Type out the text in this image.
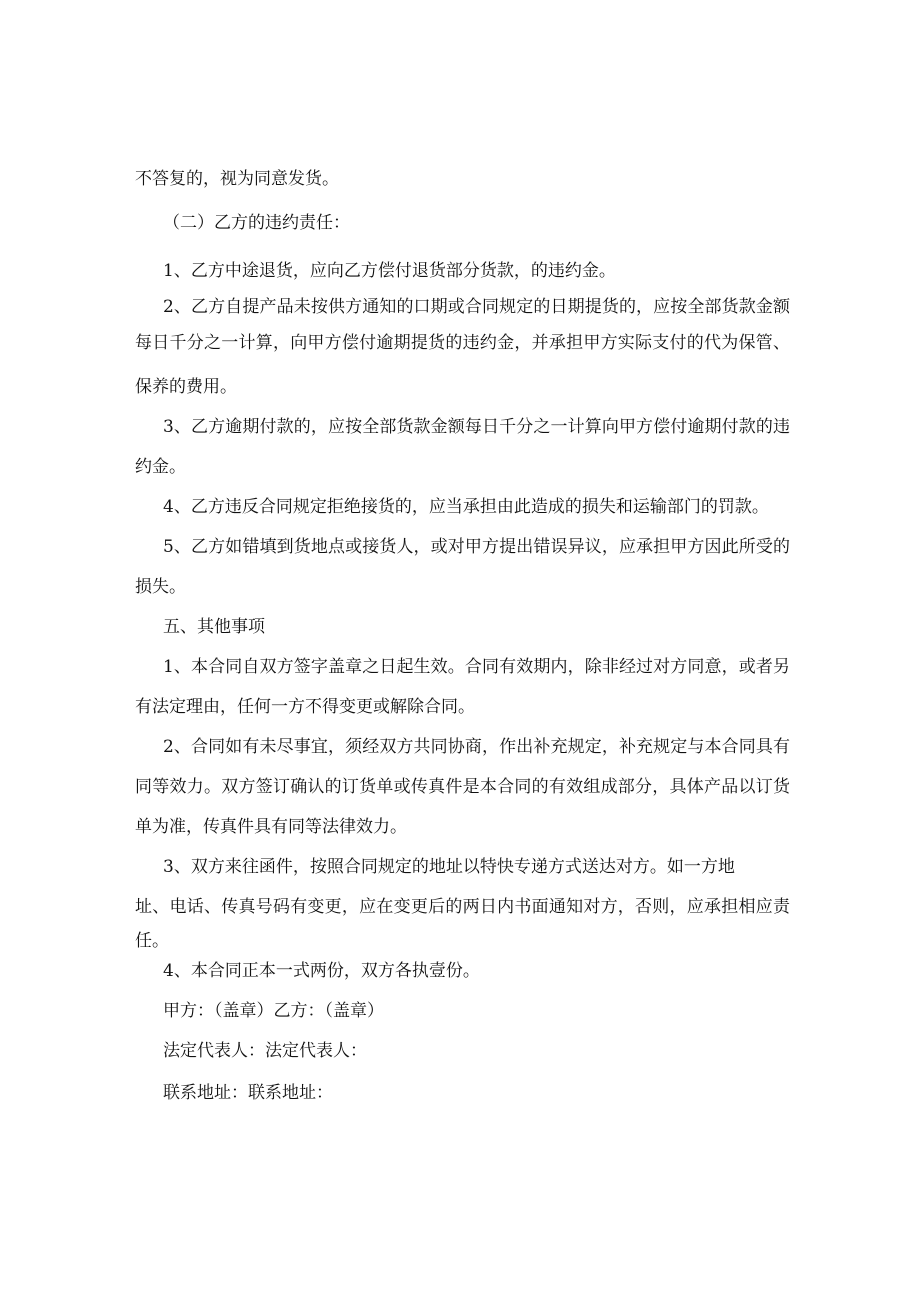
不答复的，视为同意发货。
（二）乙方的违约责任：
1、乙方中途退货，应向乙方偿付退货部分货款，的违约金。
2、乙方自提产品未按供方通知的口期或合同规定的日期提货的，应按全部货款金额
每日千分之一计算，向甲方偿付逾期提货的违约金，并承担甲方实际支付的代为保管、
保养的费用。
3、乙方逾期付款的，应按全部货款金额每日千分之一计算向甲方偿付逾期付款的违
约金。
4、乙方违反合同规定拒绝接货的，应当承担由此造成的损失和运输部门的罚款。
5、乙方如错填到货地点或接货人，或对甲方提出错误异议，应承担甲方因此所受的
损失。
五、其他事项
1、本合同自双方签字盖章之日起生效。合同有效期内，除非经过对方同意，或者另
有法定理由，任何一方不得变更或解除合同。
2、合同如有未尽事宜，须经双方共同协商，作出补充规定，补充规定与本合同具有
同等效力。双方签订确认的订货单或传真件是本合同的有效组成部分，具体产品以订货
单为准，传真件具有同等法律效力。
3、双方来往函件，按照合同规定的地址以特快专递方式送达对方。如一方地
址、电话、传真号码有变更，应在变更后的两日内书面通知对方，否则，应承担相应责
任。
4、本合同正本一式两份，双方各执壹份。
甲方：（盖章）乙方：（盖章）
法定代表人：法定代表人：
联系地址：联系地址：
